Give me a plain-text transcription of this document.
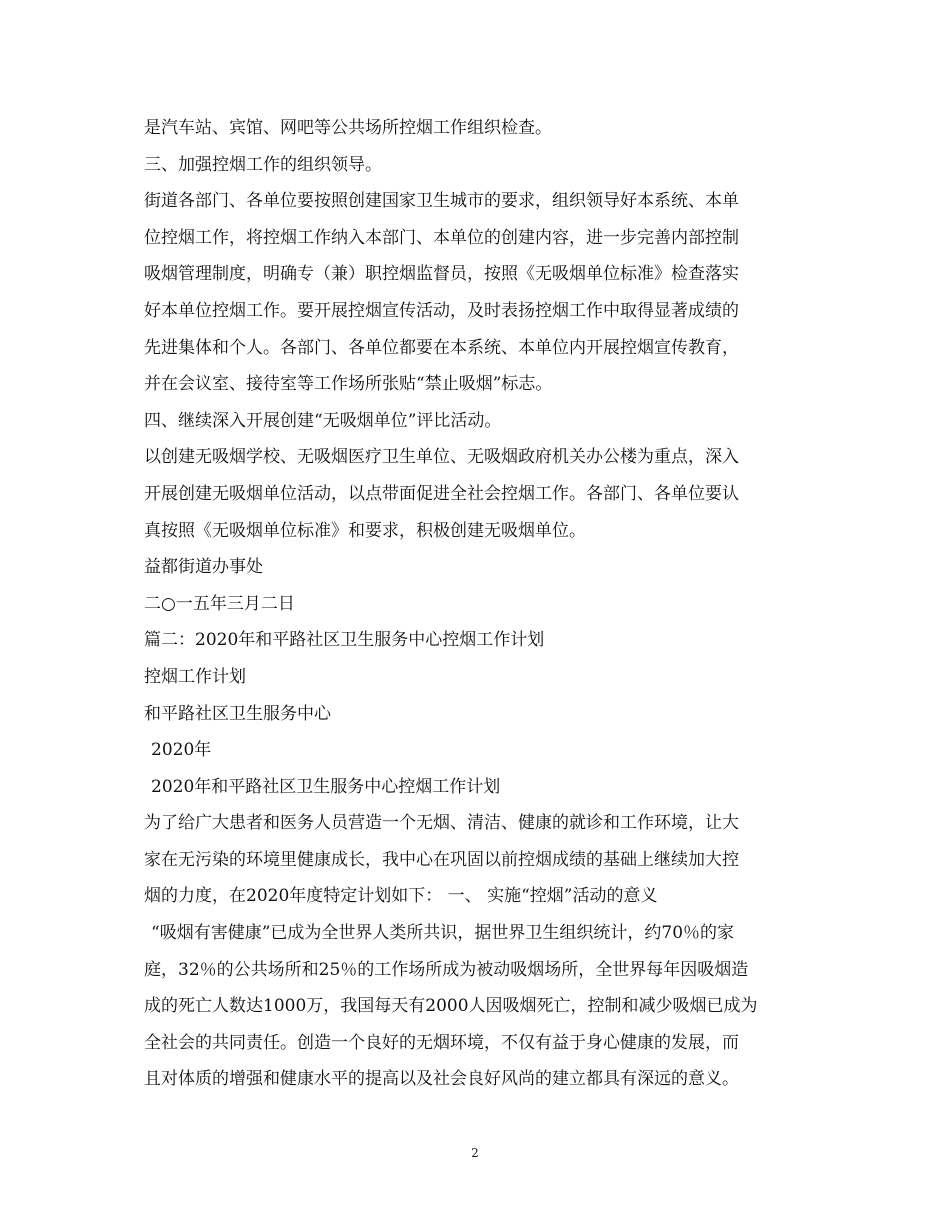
是汽车站、宾馆、网吧等公共场所控烟工作组织检查。
三、加强控烟工作的组织领导。
街道各部门、各单位要按照创建国家卫生城市的要求，组织领导好本系统、本单
位控烟工作，将控烟工作纳入本部门、本单位的创建内容，进一步完善内部控制
吸烟管理制度，明确专（兼）职控烟监督员，按照《无吸烟单位标准》检查落实
好本单位控烟工作。要开展控烟宣传活动，及时表扬控烟工作中取得显著成绩的
先进集体和个人。各部门、各单位都要在本系统、本单位内开展控烟宣传教育，
并在会议室、接待室等工作场所张贴“禁止吸烟”标志。
四、继续深入开展创建“无吸烟单位”评比活动。
以创建无吸烟学校、无吸烟医疗卫生单位、无吸烟政府机关办公楼为重点，深入
开展创建无吸烟单位活动，以点带面促进全社会控烟工作。各部门、各单位要认
真按照《无吸烟单位标准》和要求，积极创建无吸烟单位。
益都街道办事处
二○一五年三月二日
篇二：2020年和平路社区卫生服务中心控烟工作计划
控烟工作计划
和平路社区卫生服务中心
2020年
2020年和平路社区卫生服务中心控烟工作计划
为了给广大患者和医务人员营造一个无烟、清洁、健康的就诊和工作环境，让大
家在无污染的环境里健康成长，我中心在巩固以前控烟成绩的基础上继续加大控
烟的力度，在2020年度特定计划如下： 一、 实施“控烟”活动的意义
“吸烟有害健康”已成为全世界人类所共识，据世界卫生组织统计，约70％的家
庭，32％的公共场所和25％的工作场所成为被动吸烟场所，全世界每年因吸烟造
成的死亡人数达1000万，我国每天有2000人因吸烟死亡，控制和减少吸烟已成为
全社会的共同责任。创造一个良好的无烟环境，不仅有益于身心健康的发展，而
且对体质的增强和健康水平的提高以及社会良好风尚的建立都具有深远的意义。
2
